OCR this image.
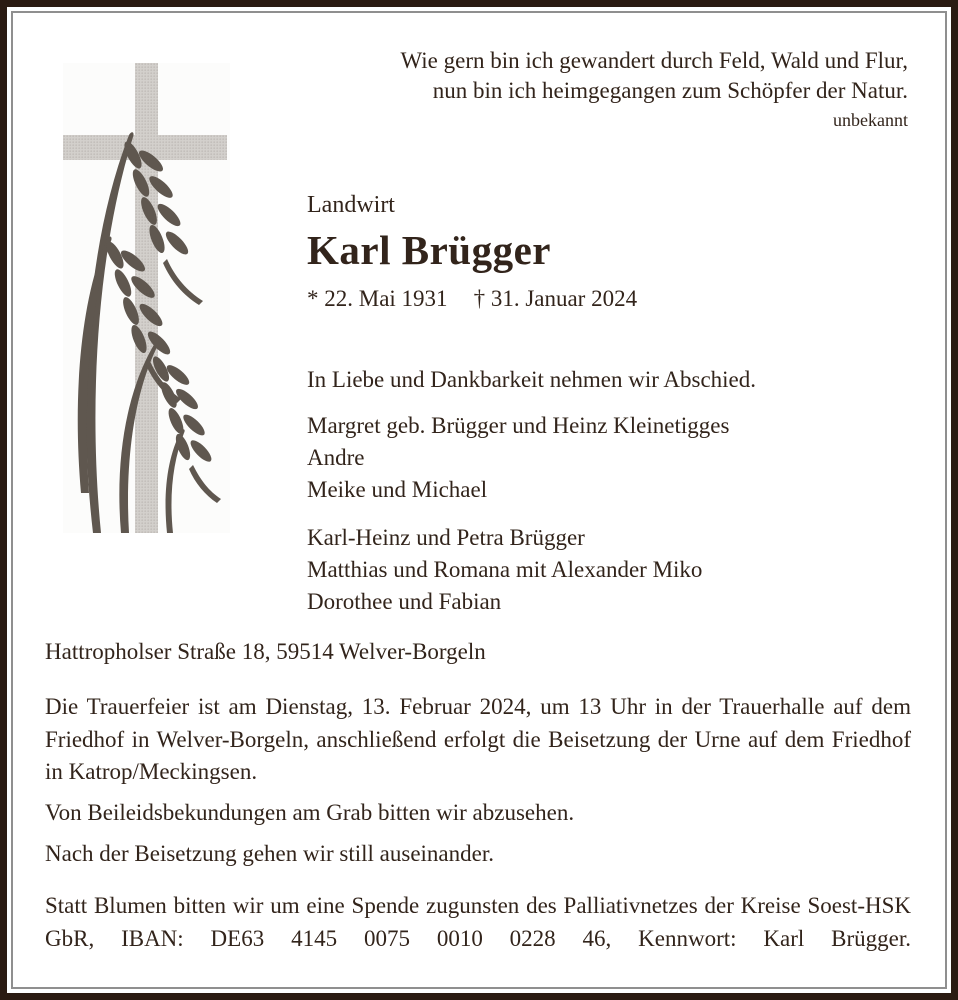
Wie gern bin ich gewandert durch Feld, Wald und Flur,
nun bin ich heimgegangen zum Schöpfer der Natur.
unbekannt
Landwirt
Karl Brügger
* 22. Mai 1931 † 31. Januar 2024
In Liebe und Dankbarkeit nehmen wir Abschied.
Margret geb. Brügger und Heinz Kleinetigges
Andre
Meike und Michael
Karl-Heinz und Petra Brügger
Matthias und Romana mit Alexander Miko
Dorothee und Fabian
Hattropholser Straße 18, 59514 Welver-Borgeln
Die Trauerfeier ist am Dienstag, 13. Februar 2024, um 13 Uhr in der Trauerhalle auf dem Friedhof in Welver-Borgeln, anschließend erfolgt die Beisetzung der Urne auf dem Friedhof in Katrop/Meckingsen.
Von Beileidsbekundungen am Grab bitten wir abzusehen.
Nach der Beisetzung gehen wir still auseinander.
Statt Blumen bitten wir um eine Spende zugunsten des Palliativnetzes der Kreise Soest-HSK GbR, IBAN: DE63 4145 0075 0010 0228 46, Kennwort: Karl Brügger.
